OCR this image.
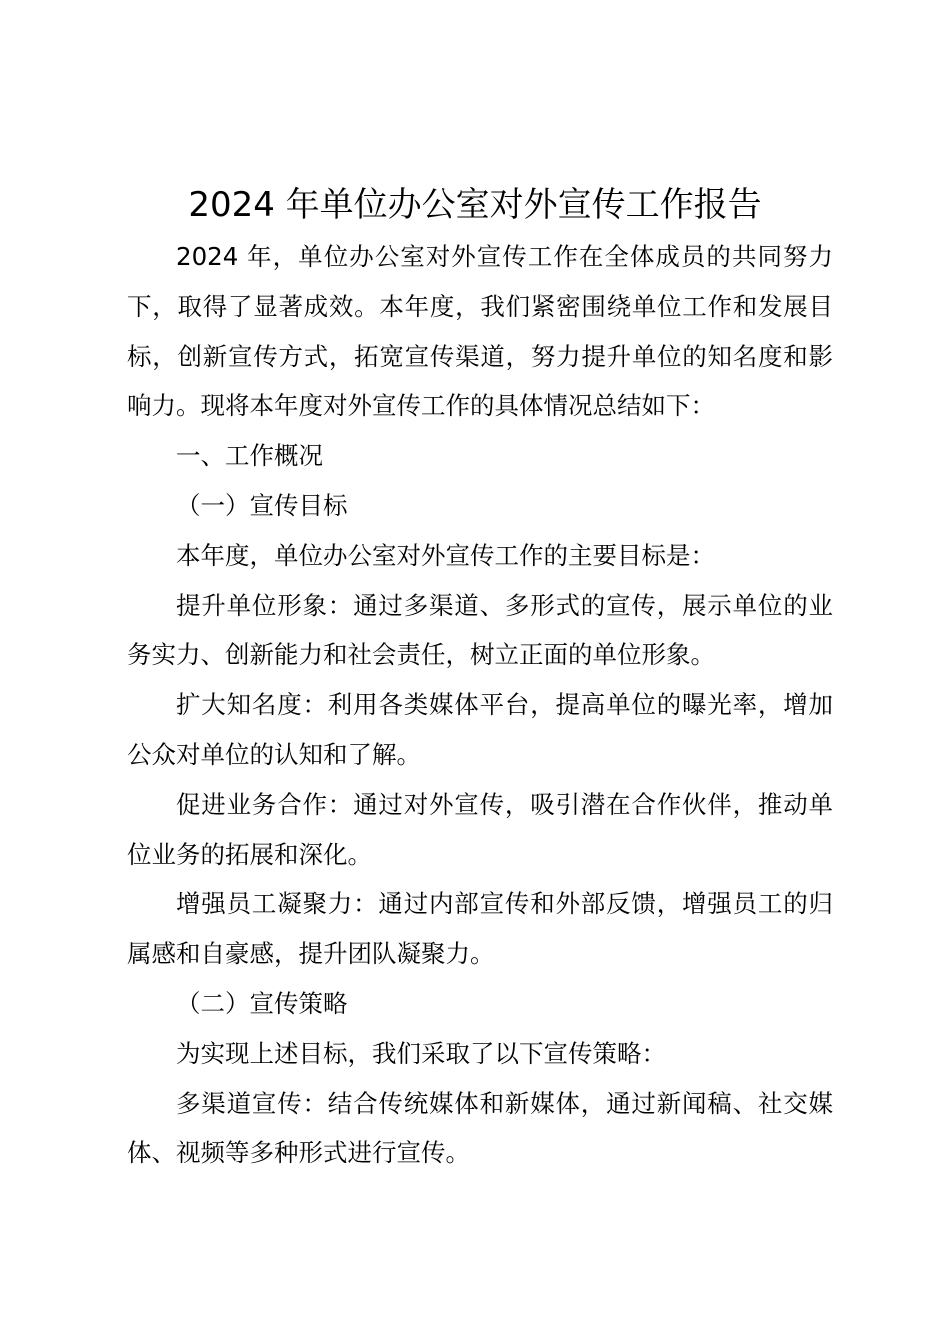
2024 年单位办公室对外宣传工作报告

2024 年，单位办公室对外宣传工作在全体成员的共同努力下，取得了显著成效。本年度，我们紧密围绕单位工作和发展目标，创新宣传方式，拓宽宣传渠道，努力提升单位的知名度和影响力。现将本年度对外宣传工作的具体情况总结如下：

一、工作概况

（一）宣传目标

本年度，单位办公室对外宣传工作的主要目标是：

提升单位形象：通过多渠道、多形式的宣传，展示单位的业务实力、创新能力和社会责任，树立正面的单位形象。

扩大知名度：利用各类媒体平台，提高单位的曝光率，增加公众对单位的认知和了解。

促进业务合作：通过对外宣传，吸引潜在合作伙伴，推动单位业务的拓展和深化。

增强员工凝聚力：通过内部宣传和外部反馈，增强员工的归属感和自豪感，提升团队凝聚力。

（二）宣传策略

为实现上述目标，我们采取了以下宣传策略：

多渠道宣传：结合传统媒体和新媒体，通过新闻稿、社交媒体、视频等多种形式进行宣传。
